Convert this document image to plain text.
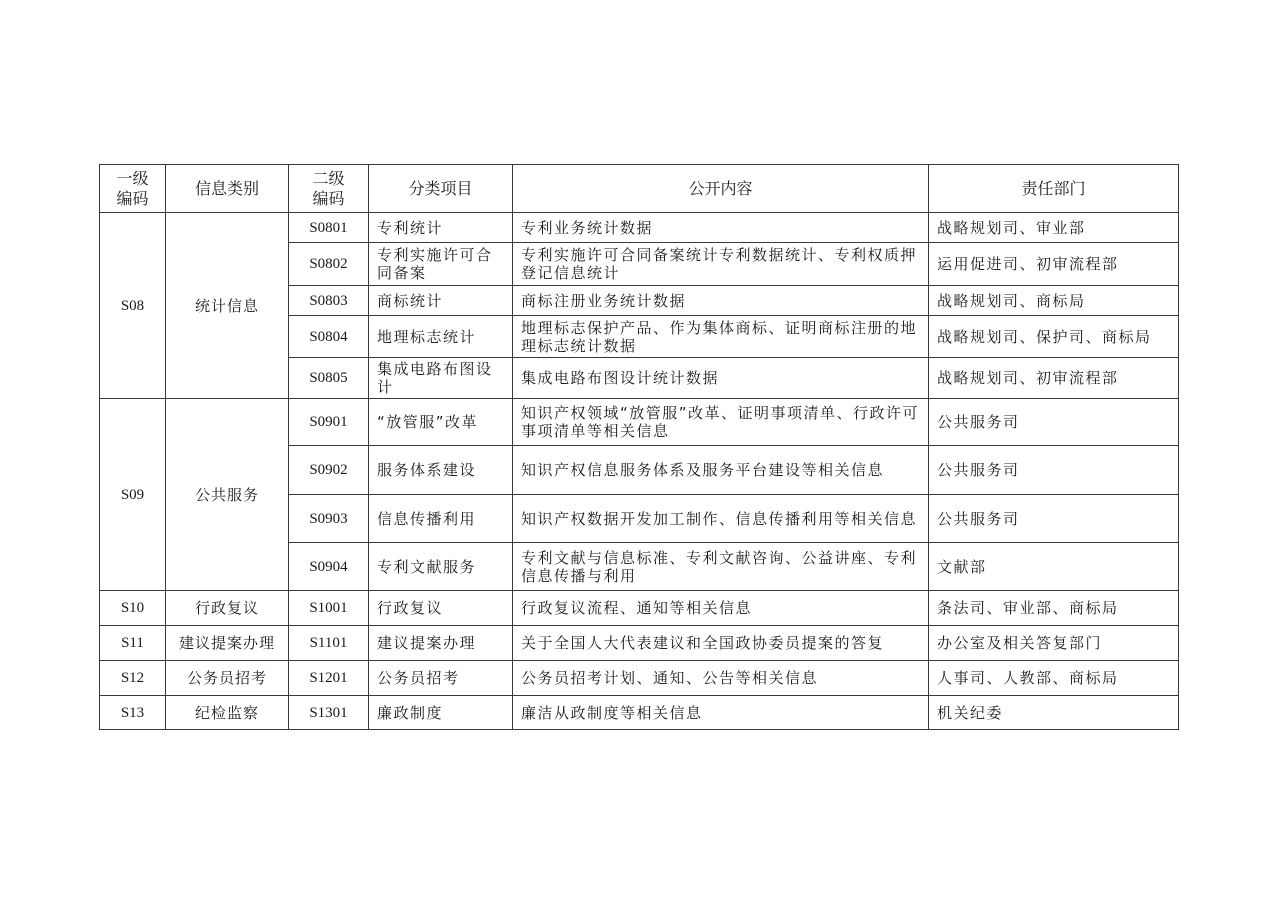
一级编码	信息类别	二级编码	分类项目	公开内容	责任部门
S08	统计信息	S0801	专利统计	专利业务统计数据	战略规划司、审业部
		S0802	专利实施许可合同备案	专利实施许可合同备案统计专利数据统计、专利权质押登记信息统计	运用促进司、初审流程部
		S0803	商标统计	商标注册业务统计数据	战略规划司、商标局
		S0804	地理标志统计	地理标志保护产品、作为集体商标、证明商标注册的地理标志统计数据	战略规划司、保护司、商标局
		S0805	集成电路布图设计	集成电路布图设计统计数据	战略规划司、初审流程部
S09	公共服务	S0901	“放管服”改革	知识产权领域“放管服”改革、证明事项清单、行政许可事项清单等相关信息	公共服务司
		S0902	服务体系建设	知识产权信息服务体系及服务平台建设等相关信息	公共服务司
		S0903	信息传播利用	知识产权数据开发加工制作、信息传播利用等相关信息	公共服务司
		S0904	专利文献服务	专利文献与信息标准、专利文献咨询、公益讲座、专利信息传播与利用	文献部
S10	行政复议	S1001	行政复议	行政复议流程、通知等相关信息	条法司、审业部、商标局
S11	建议提案办理	S1101	建议提案办理	关于全国人大代表建议和全国政协委员提案的答复	办公室及相关答复部门
S12	公务员招考	S1201	公务员招考	公务员招考计划、通知、公告等相关信息	人事司、人教部、商标局
S13	纪检监察	S1301	廉政制度	廉洁从政制度等相关信息	机关纪委
